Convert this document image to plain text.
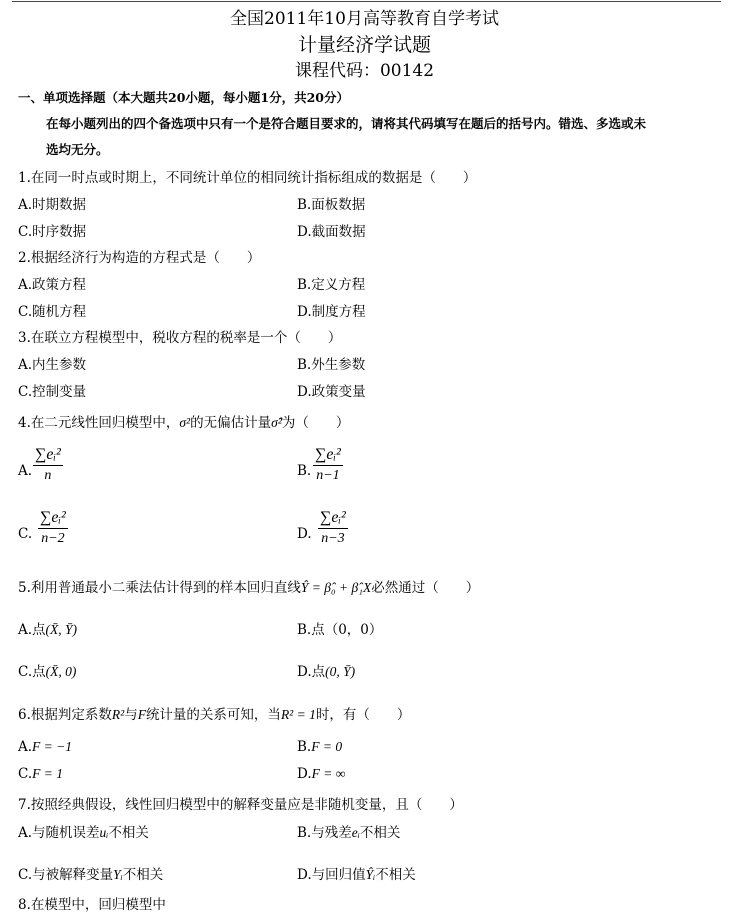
全国2011年10月高等教育自学考试
计量经济学试题
课程代码：00142
一、单项选择题（本大题共20小题，每小题1分，共20分）
在每小题列出的四个备选项中只有一个是符合题目要求的，请将其代码填写在题后的括号内。错选、多选或未
选均无分。
1.在同一时点或时期上，不同统计单位的相同统计指标组成的数据是（　　）
A.时期数据	B.面板数据
C.时序数据	D.截面数据
2.根据经济行为构造的方程式是（　　）
A.政策方程	B.定义方程
C.随机方程	D.制度方程
3.在联立方程模型中，税收方程的税率是一个（　　）
A.内生参数	B.外生参数
C.控制变量	D.政策变量
4.在二元线性回归模型中，σ²的无偏估计量σ̂²为（　　）
A.
∑eᵢ²
n	B.
∑eᵢ²
n−1
C.
∑eᵢ²
n−2	D.
∑eᵢ²
n−3
5.利用普通最小二乘法估计得到的样本回归直线Ŷ = β̂₀ + β̂₁X必然通过（　　）
A.点(X̄, Ȳ)	B.点（0，0）
C.点(X̄, 0)	D.点(0, Ȳ)
6.根据判定系数R²与F统计量的关系可知，当R² = 1时，有（　　）
A.F = −1	B.F = 0
C.F = 1	D.F = ∞
7.按照经典假设，线性回归模型中的解释变量应是非随机变量，且（　　）
A.与随机误差uᵢ不相关	B.与残差eᵢ不相关
C.与被解释变量Yᵢ不相关	D.与回归值Ŷᵢ不相关
8.在模型中，回归模型中
